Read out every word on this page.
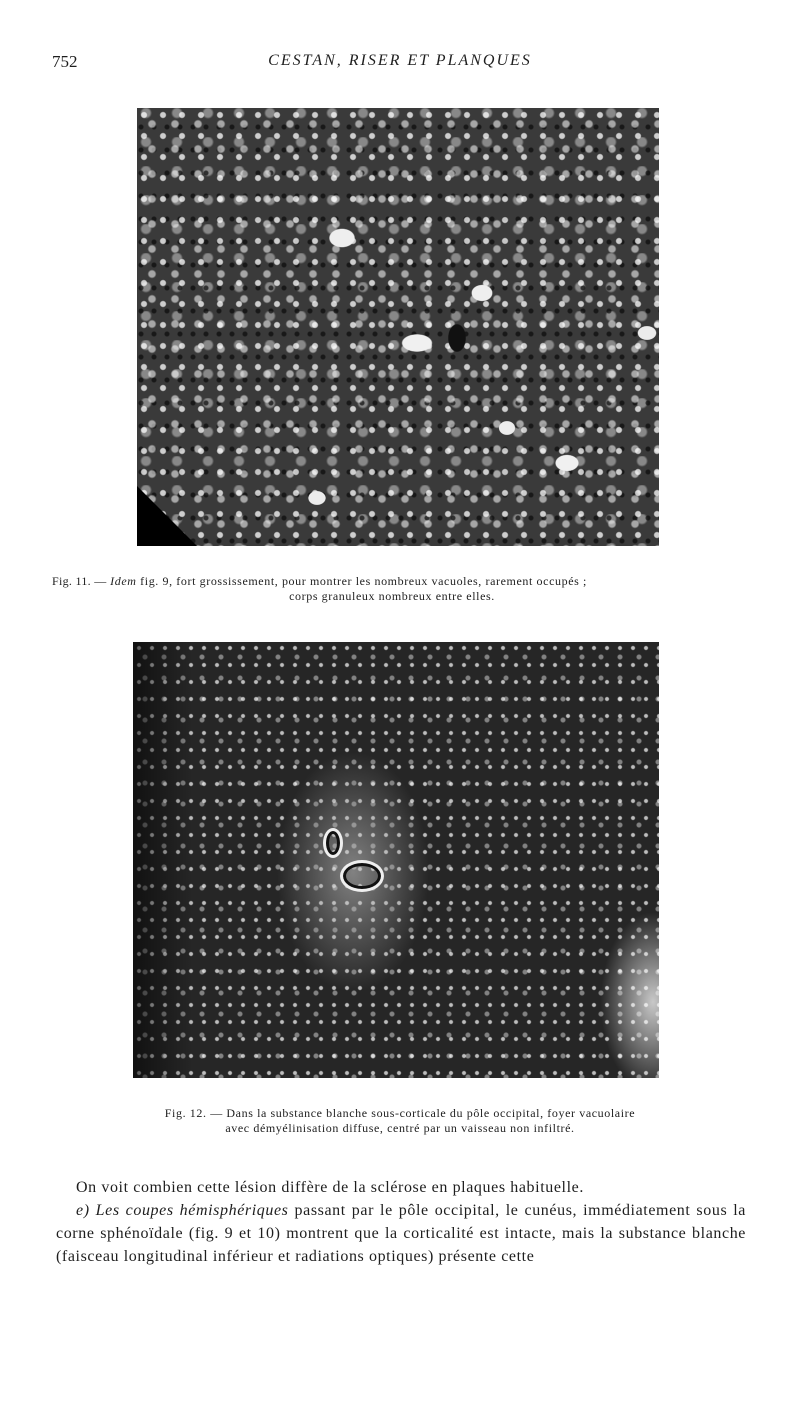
752	CESTAN, RISER ET PLANQUES
Fig. 11. — Idem fig. 9, fort grossissement, pour montrer les nombreux vacuoles, rarement occupés ;
corps granuleux nombreux entre elles.
Fig. 12. — Dans la substance blanche sous-corticale du pôle occipital, foyer vacuolaire
avec démyélinisation diffuse, centré par un vaisseau non infiltré.

On voit combien cette lésion diffère de la sclérose en plaques habituelle.

e) Les coupes hémisphériques passant par le pôle occipital, le cunéus, immédiatement sous la corne sphénoïdale (fig. 9 et 10) montrent que la corticalité est intacte, mais la substance blanche (faisceau longitudinal inférieur et radiations optiques) présente cette
